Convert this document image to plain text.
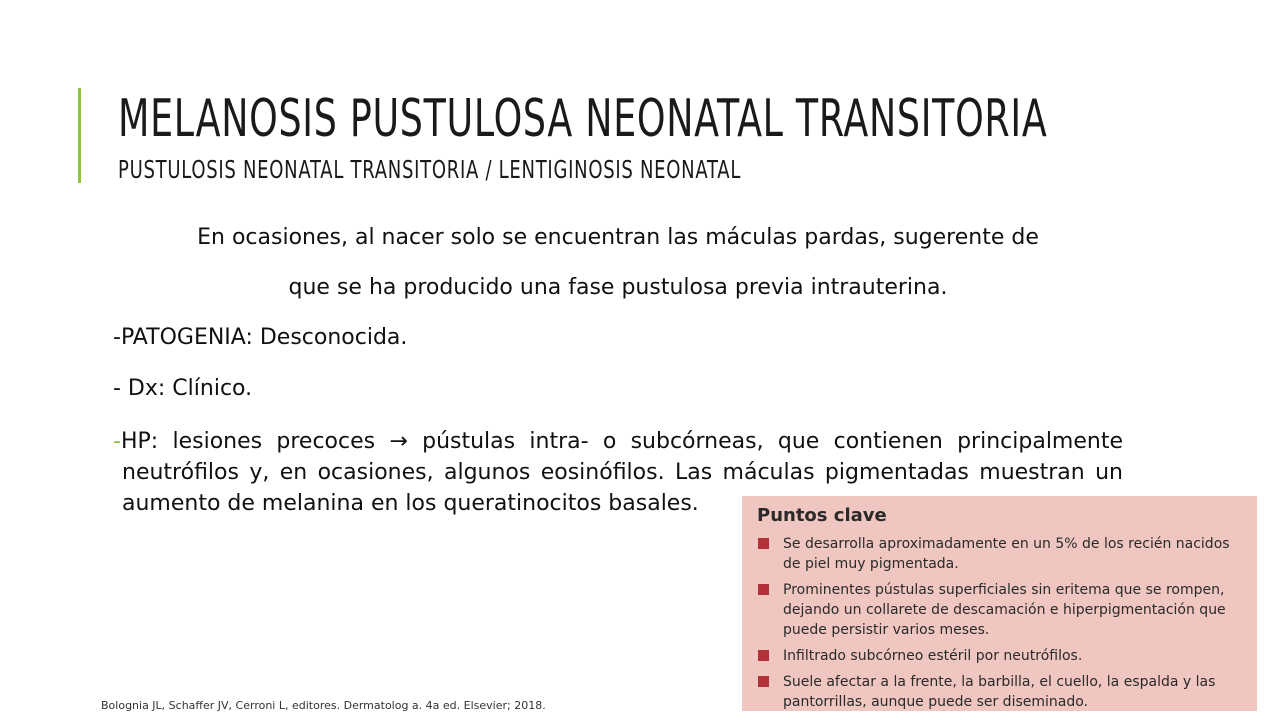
MELANOSIS PUSTULOSA NEONATAL TRANSITORIA
PUSTULOSIS NEONATAL TRANSITORIA / LENTIGINOSIS NEONATAL
En ocasiones, al nacer solo se encuentran las máculas pardas, sugerente de
que se ha producido una fase pustulosa previa intrauterina.
-PATOGENIA: Desconocida.
- Dx: Clínico.
-HP: lesiones precoces → pústulas intra- o subcórneas, que contienen principalmente
neutrófilos y, en ocasiones, algunos eosinófilos. Las máculas pigmentadas muestran un
aumento de melanina en los queratinocitos basales.	Puntos clave
Se desarrolla aproximadamente en un 5% de los recién nacidos de piel muy pigmentada.
Prominentes pústulas superficiales sin eritema que se rompen, dejando un collarete de descamación e hiperpigmentación que puede persistir varios meses.
Infiltrado subcórneo estéril por neutrófilos.
Suele afectar a la frente, la barbilla, el cuello, la espalda y las pantorrillas, aunque puede ser diseminado.
Bolognia JL, Schaffer JV, Cerroni L, editores. Dermatolog a. 4a ed. Elsevier; 2018.
